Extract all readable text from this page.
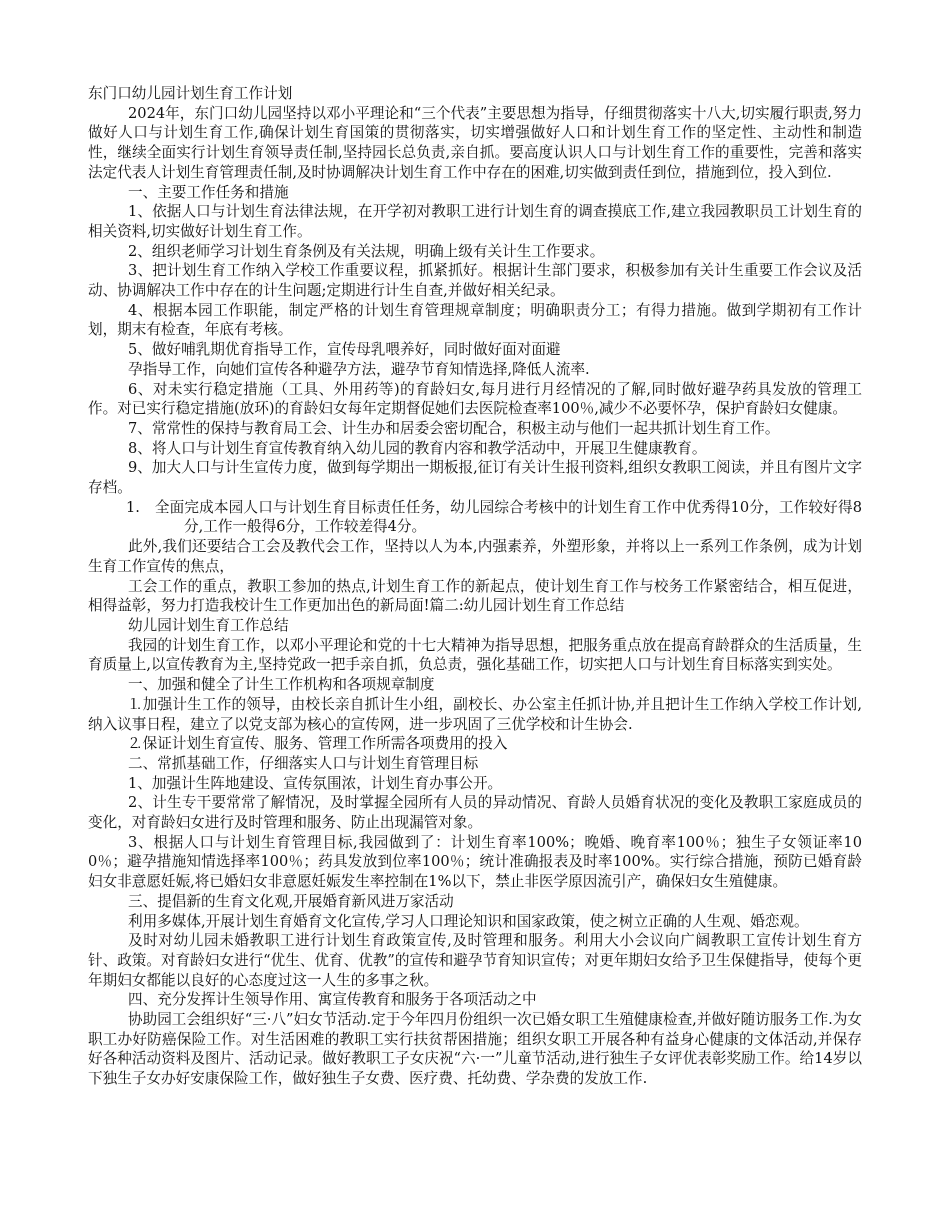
东门口幼儿园计划生育工作计划

2024年，东门口幼儿园坚持以邓小平理论和“三个代表”主要思想为指导，仔细贯彻落实十八大,切实履行职责,努力做好人口与计划生育工作,确保计划生育国策的贯彻落实，切实增强做好人口和计划生育工作的坚定性、主动性和制造性，继续全面实行计划生育领导责任制,坚持园长总负责,亲自抓。要高度认识人口与计划生育工作的重要性，完善和落实法定代表人计划生育管理责任制,及时协调解决计划生育工作中存在的困难,切实做到责任到位，措施到位，投入到位.

一、主要工作任务和措施

1、依据人口与计划生育法律法规，在开学初对教职工进行计划生育的调查摸底工作,建立我园教职员工计划生育的相关资料,切实做好计划生育工作。

2、组织老师学习计划生育条例及有关法规，明确上级有关计生工作要求。

3、把计划生育工作纳入学校工作重要议程，抓紧抓好。根据计生部门要求，积极参加有关计生重要工作会议及活动、协调解决工作中存在的计生问题;定期进行计生自查,并做好相关纪录。

4、根据本园工作职能，制定严格的计划生育管理规章制度；明确职责分工；有得力措施。做到学期初有工作计划，期末有检查，年底有考核。

5、做好哺乳期优育指导工作，宣传母乳喂养好，同时做好面对面避

孕指导工作，向她们宣传各种避孕方法，避孕节育知情选择,降低人流率.

6、对未实行稳定措施（工具、外用药等)的育龄妇女,每月进行月经情况的了解,同时做好避孕药具发放的管理工作。对已实行稳定措施(放环)的育龄妇女每年定期督促她们去医院检查率100％,减少不必要怀孕，保护育龄妇女健康。

7、常常性的保持与教育局工会、计生办和居委会密切配合，积极主动与他们一起共抓计划生育工作。

8、将人口与计划生育宣传教育纳入幼儿园的教育内容和教学活动中，开展卫生健康教育。

9、加大人口与计生宣传力度，做到每学期出一期板报,征订有关计生报刊资料,组织女教职工阅读，并且有图片文字存档。

1.　全面完成本园人口与计划生育目标责任任务，幼儿园综合考核中的计划生育工作中优秀得10分，工作较好得8分,工作一般得6分，工作较差得4分。

此外,我们还要结合工会及教代会工作，坚持以人为本,内强素养，外塑形象，并将以上一系列工作条例，成为计划生育工作宣传的焦点，

工会工作的重点，教职工参加的热点,计划生育工作的新起点，使计划生育工作与校务工作紧密结合，相互促进，相得益彰，努力打造我校计生工作更加出色的新局面!篇二:幼儿园计划生育工作总结

幼儿园计划生育工作总结

我园的计划生育工作，以邓小平理论和党的十七大精神为指导思想，把服务重点放在提高育龄群众的生活质量，生育质量上,以宣传教育为主,坚持党政一把手亲自抓，负总责，强化基础工作，切实把人口与计划生育目标落实到实处。

一、加强和健全了计生工作机构和各项规章制度

⒈加强计生工作的领导，由校长亲自抓计生小组，副校长、办公室主任抓计协,并且把计生工作纳入学校工作计划,纳入议事日程，建立了以党支部为核心的宣传网，进一步巩固了三优学校和计生协会.

⒉保证计划生育宣传、服务、管理工作所需各项费用的投入

二、常抓基础工作，仔细落实人口与计划生育管理目标

1、加强计生阵地建设、宣传氛围浓，计划生育办事公开。

2、计生专干要常常了解情况，及时掌握全园所有人员的异动情况、育龄人员婚育状况的变化及教职工家庭成员的变化，对育龄妇女进行及时管理和服务、防止出现漏管对象。

3、根据人口与计划生育管理目标,我园做到了：计划生育率100%；晚婚、晚育率100％；独生子女领证率100％；避孕措施知情选择率100％；药具发放到位率100％；统计准确报表及时率100%。实行综合措施，预防已婚育龄妇女非意愿妊娠,将已婚妇女非意愿妊娠发生率控制在1%以下，禁止非医学原因流引产，确保妇女生殖健康。

三、提倡新的生育文化观,开展婚育新风进万家活动

利用多媒体,开展计划生育婚育文化宣传,学习人口理论知识和国家政策，使之树立正确的人生观、婚恋观。

及时对幼儿园未婚教职工进行计划生育政策宣传,及时管理和服务。利用大小会议向广阔教职工宣传计划生育方针、政策。对育龄妇女进行“优生、优育、优教”的宣传和避孕节育知识宣传；对更年期妇女给予卫生保健指导，使每个更年期妇女都能以良好的心态度过这一人生的多事之秋。

四、充分发挥计生领导作用、寓宣传教育和服务于各项活动之中

协助园工会组织好“三·八”妇女节活动.定于今年四月份组织一次已婚女职工生殖健康检查,并做好随访服务工作.为女职工办好防癌保险工作。对生活困难的教职工实行扶贫帮困措施；组织女职工开展各种有益身心健康的文体活动,并保存好各种活动资料及图片、活动记录。做好教职工子女庆祝“六·一”儿童节活动,进行独生子女评优表彰奖励工作。给14岁以下独生子女办好安康保险工作，做好独生子女费、医疗费、托幼费、学杂费的发放工作.
